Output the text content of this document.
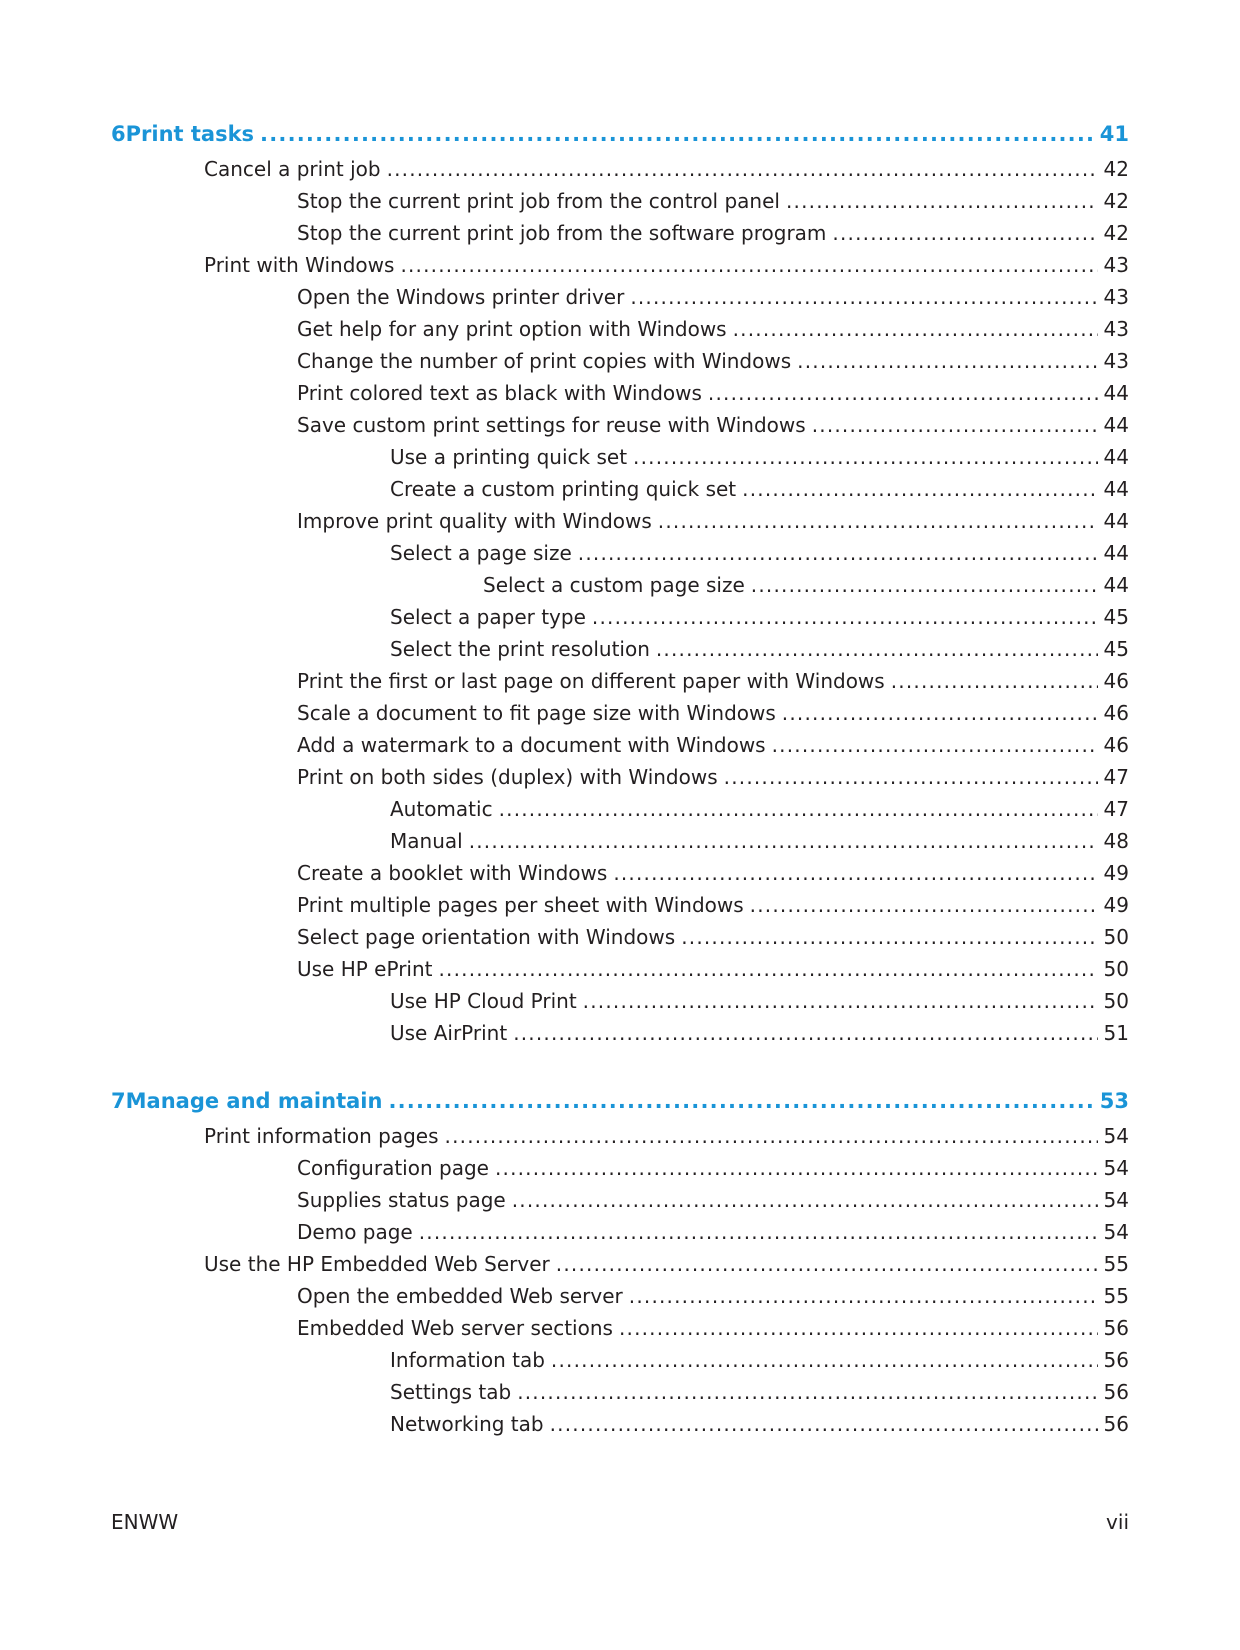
6 Print tasks .....	41
Cancel a print job .....	42
Stop the current print job from the control panel .....	42
Stop the current print job from the software program .....	42
Print with Windows .....	43
Open the Windows printer driver .....	43
Get help for any print option with Windows .....	43
Change the number of print copies with Windows .....	43
Print colored text as black with Windows .....	44
Save custom print settings for reuse with Windows .....	44
Use a printing quick set .....	44
Create a custom printing quick set .....	44
Improve print quality with Windows .....	44
Select a page size .....	44
Select a custom page size .....	44
Select a paper type .....	45
Select the print resolution .....	45
Print the first or last page on different paper with Windows .....	46
Scale a document to fit page size with Windows .....	46
Add a watermark to a document with Windows .....	46
Print on both sides (duplex) with Windows .....	47
Automatic .....	47
Manual .....	48
Create a booklet with Windows .....	49
Print multiple pages per sheet with Windows .....	49
Select page orientation with Windows .....	50
Use HP ePrint .....	50
Use HP Cloud Print .....	50
Use AirPrint .....	51
7 Manage and maintain .....	53
Print information pages .....	54
Configuration page .....	54
Supplies status page .....	54
Demo page .....	54
Use the HP Embedded Web Server .....	55
Open the embedded Web server .....	55
Embedded Web server sections .....	56
Information tab .....	56
Settings tab .....	56
Networking tab .....	56
ENWW	vii
